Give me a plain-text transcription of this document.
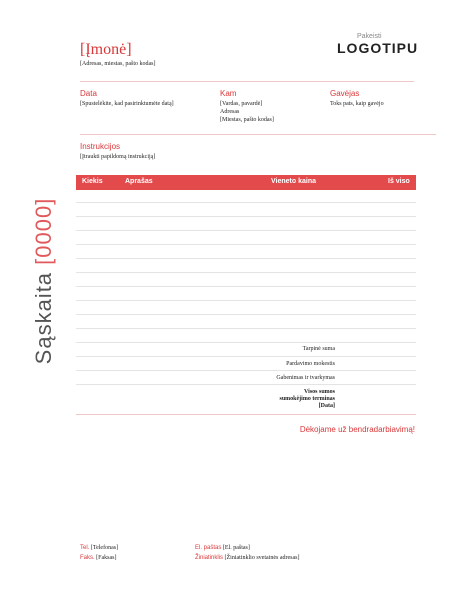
Sąskaita [0000]
[Įmonė]
[Adresas, miestas, pašto kodas]
Pakeisti
LOGOTIPU
Data
[Spustelėkite, kad pasirinktumėte datą]
Kam
[Vardas, pavardė]
Adresas
[Miestas, pašto kodas]
Gavėjas
Toks pats, kaip gavėjo
Instrukcijos
[Įtraukti papildomą instrukciją]
Kiekis	Aprašas	Vieneto kaina	Iš viso
Tarpinė suma
Pardavimo mokestis
Gabenimas ir tvarkymas
Visos sumos
sumokėjimo terminas
[Data]
Dėkojame už bendradarbiavimą!
Tel. [Telefonas]
Faks. [Faksas]
El. paštas [El. paštas]
Žiniatinklis [Žiniatinklio svetainės adresas]
